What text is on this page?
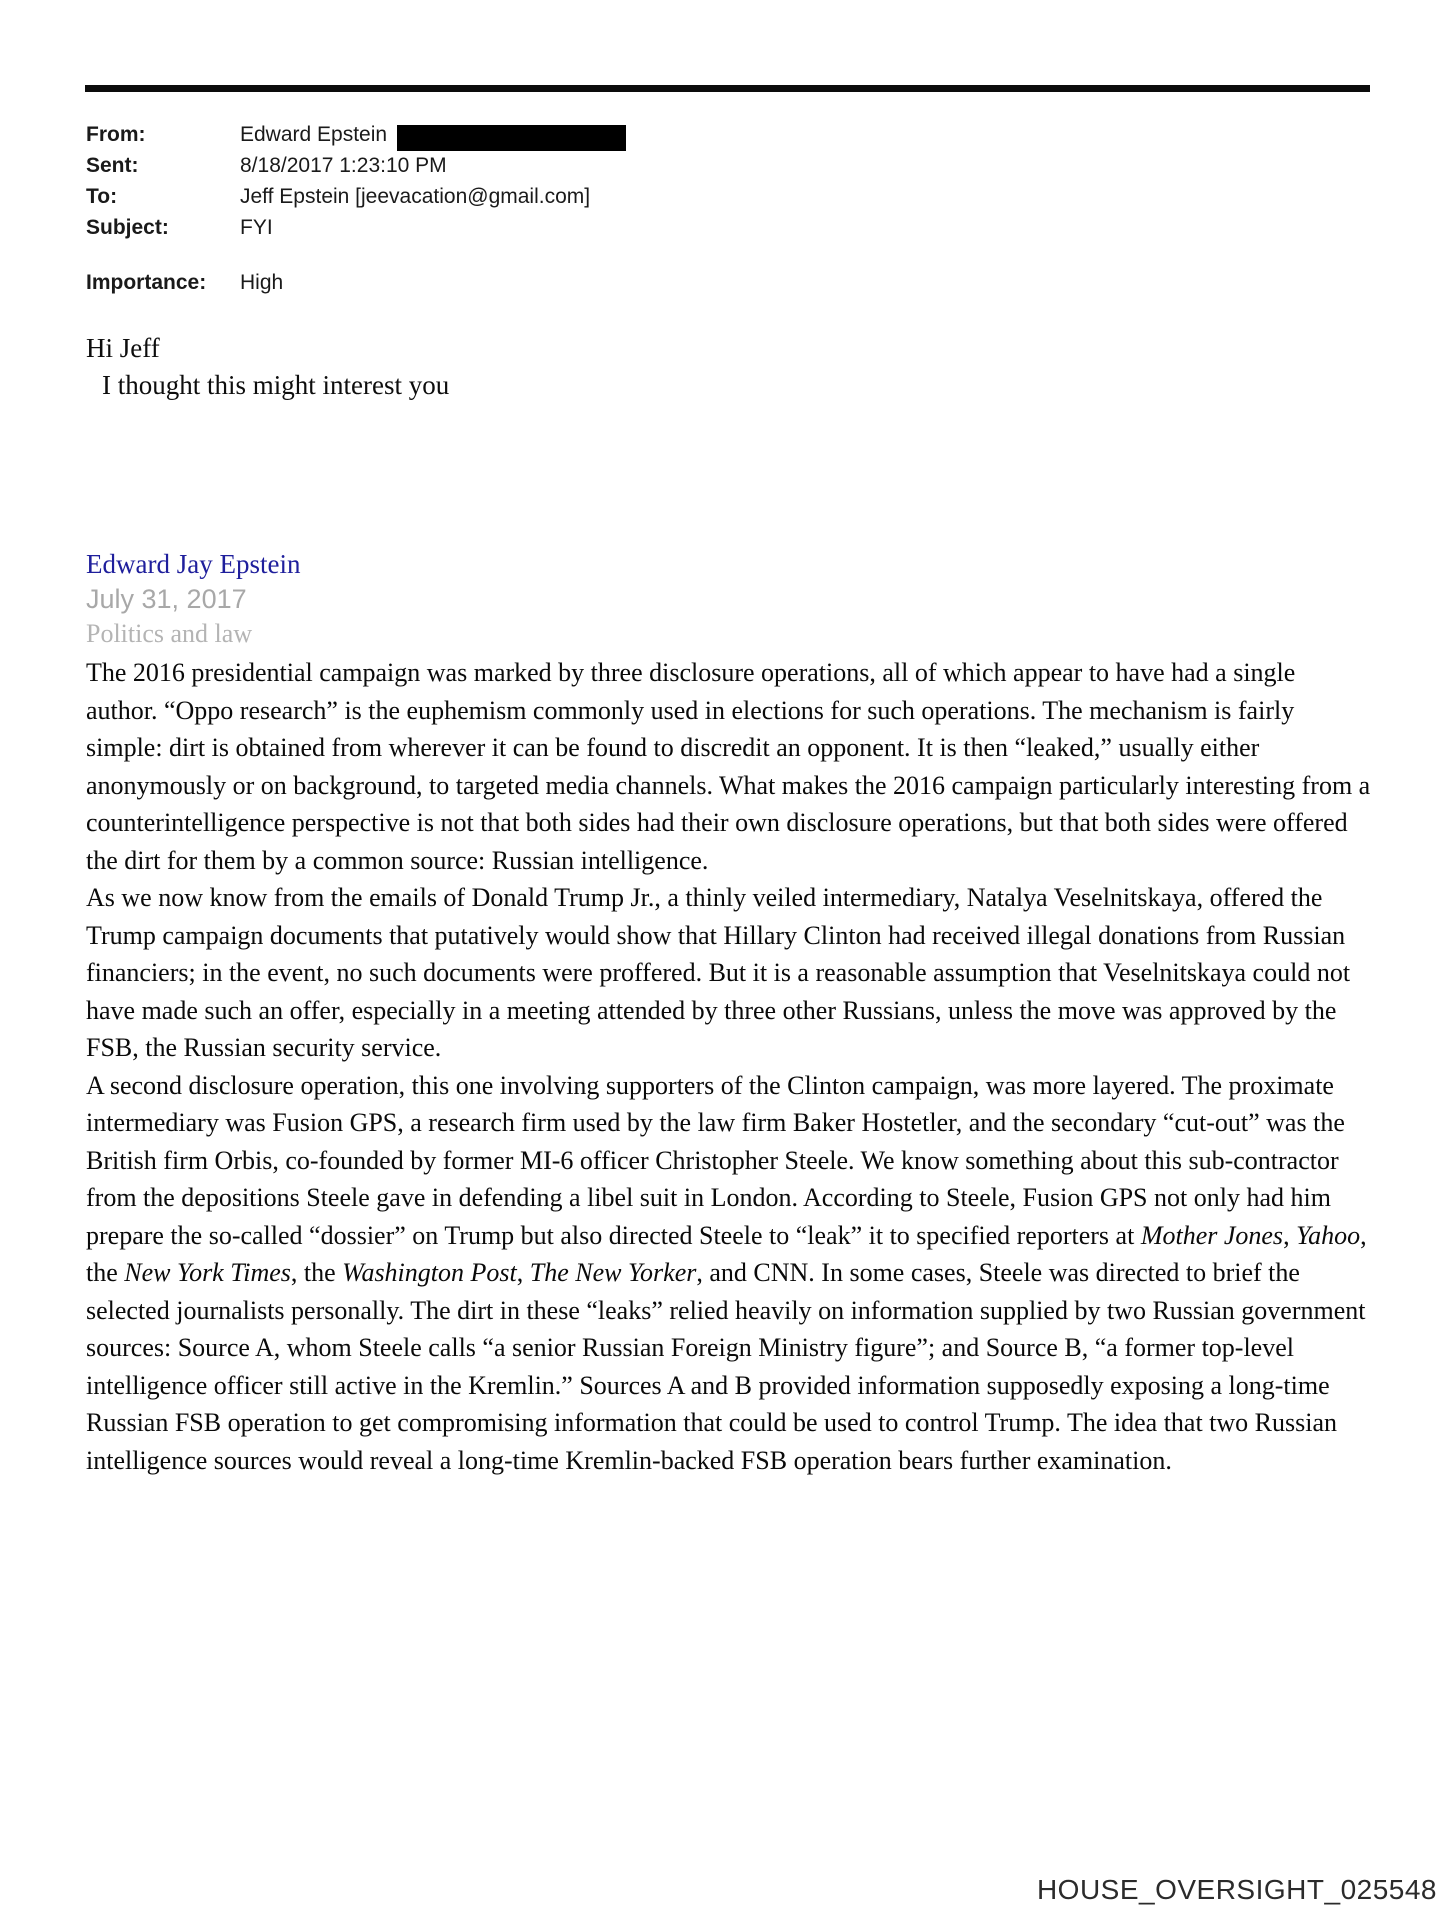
From:	Edward Epstein
Sent:	8/18/2017 1:23:10 PM
To:	Jeff Epstein [jeevacation@gmail.com]
Subject:	FYI
Importance:	High
Hi Jeff
I thought this might interest you
Edward Jay Epstein
July 31, 2017
Politics and law

The 2016 presidential campaign was marked by three disclosure operations, all of which appear to have had a single author. “Oppo research” is the euphemism commonly used in elections for such operations. The mechanism is fairly simple: dirt is obtained from wherever it can be found to discredit an opponent. It is then “leaked,” usually either anonymously or on background, to targeted media channels. What makes the 2016 campaign particularly interesting from a counterintelligence perspective is not that both sides had their own disclosure operations, but that both sides were offered the dirt for them by a common source: Russian intelligence.

As we now know from the emails of Donald Trump Jr., a thinly veiled intermediary, Natalya Veselnitskaya, offered the Trump campaign documents that putatively would show that Hillary Clinton had received illegal donations from Russian financiers; in the event, no such documents were proffered. But it is a reasonable assumption that Veselnitskaya could not have made such an offer, especially in a meeting attended by three other Russians, unless the move was approved by the FSB, the Russian security service.

A second disclosure operation, this one involving supporters of the Clinton campaign, was more layered. The proximate intermediary was Fusion GPS, a research firm used by the law firm Baker Hostetler, and the secondary “cut-out” was the British firm Orbis, co-founded by former MI-6 officer Christopher Steele. We know something about this sub-contractor from the depositions Steele gave in defending a libel suit in London. According to Steele, Fusion GPS not only had him prepare the so-called “dossier” on Trump but also directed Steele to “leak” it to specified reporters at Mother Jones, Yahoo, the New York Times, the Washington Post, The New Yorker, and CNN. In some cases, Steele was directed to brief the selected journalists personally. The dirt in these “leaks” relied heavily on information supplied by two Russian government sources: Source A, whom Steele calls “a senior Russian Foreign Ministry figure”; and Source B, “a former top-level intelligence officer still active in the Kremlin.” Sources A and B provided information supposedly exposing a long-time Russian FSB operation to get compromising information that could be used to control Trump. The idea that two Russian intelligence sources would reveal a long-time Kremlin-backed FSB operation bears further examination.

HOUSE_OVERSIGHT_025548
